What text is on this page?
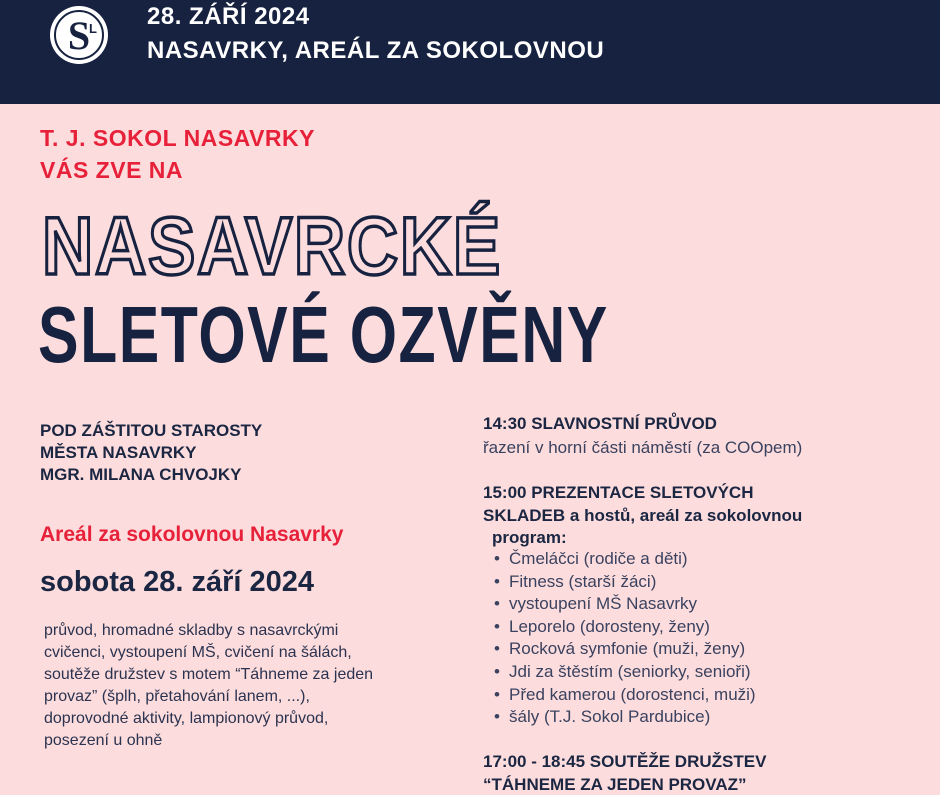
S
L 28. ZÁŘÍ 2024
NASAVRKY, AREÁL ZA SOKOLOVNOU
T. J. SOKOL NASAVRKY
VÁS ZVE NA
NASAVRCKÉ
SLETOVÉ OZVĚNY
POD ZÁŠTITOU STAROSTY
MĚSTA NASAVRKY
MGR. MILANA CHVOJKY
Areál za sokolovnou Nasavrky
sobota 28. září 2024
průvod, hromadné skladby s nasavrckými
cvičenci, vystoupení MŠ, cvičení na šálách,
soutěže družstev s motem “Táhneme za jeden
provaz” (šplh, přetahování lanem, ...),
doprovodné aktivity, lampionový průvod,
posezení u ohně
14:30 SLAVNOSTNÍ PRŮVOD
řazení v horní části náměstí (za COOpem)
15:00 PREZENTACE SLETOVÝCH
SKLADEB a hostů, areál za sokolovnou
program:
• Čmeláčci (rodiče a děti)
• Fitness (starší žáci)
• vystoupení MŠ Nasavrky
• Leporelo (dorosteny, ženy)
• Rocková symfonie (muži, ženy)
• Jdi za štěstím (seniorky, senioři)
• Před kamerou (dorostenci, muži)
• šály (T.J. Sokol Pardubice)
17:00 - 18:45 SOUTĚŽE DRUŽSTEV
“TÁHNEME ZA JEDEN PROVAZ”
